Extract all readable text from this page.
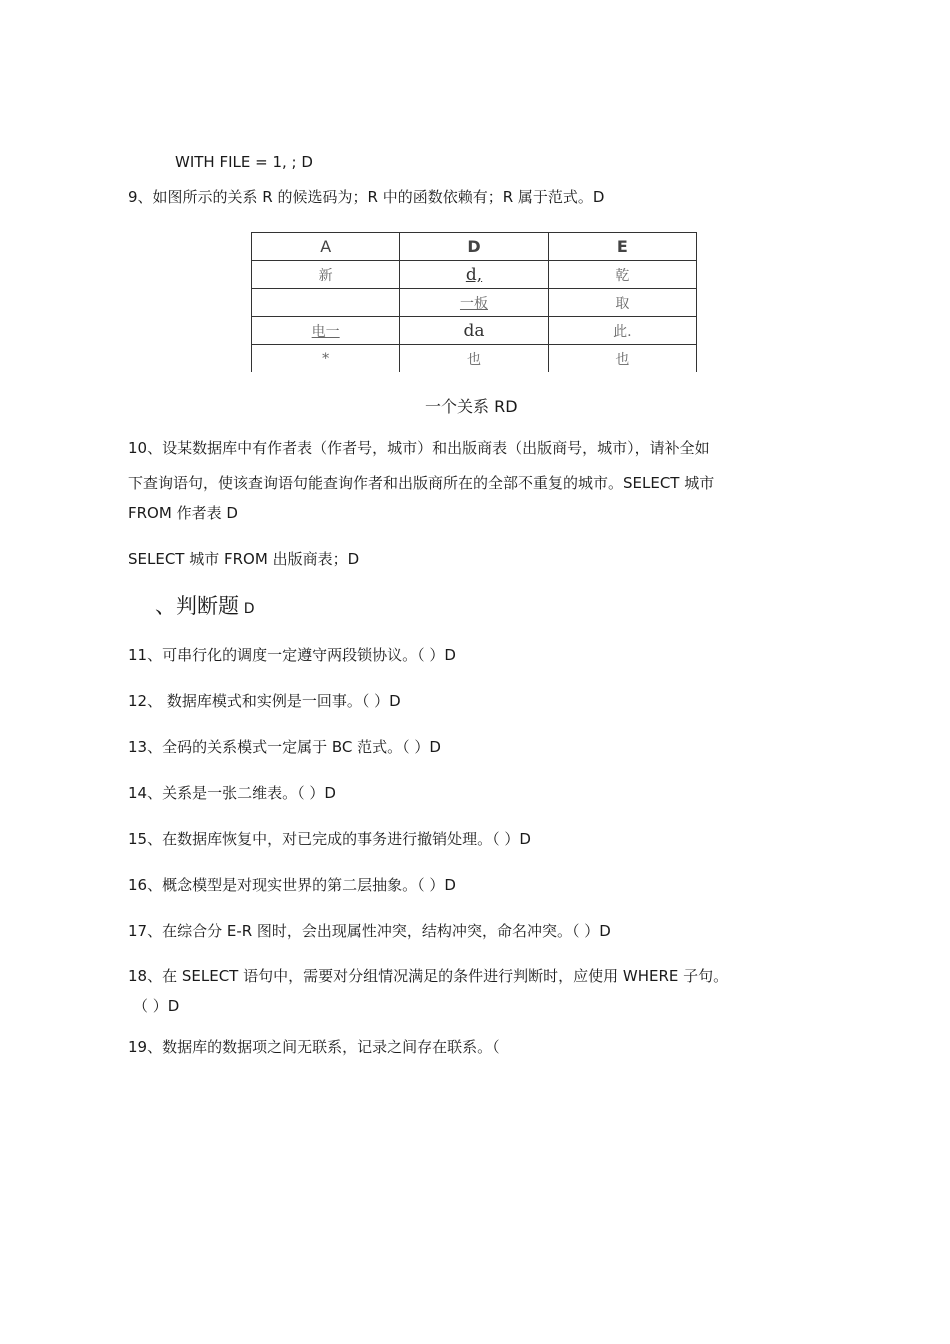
WITH FILE = 1, ; D
9、如图所示的关系 R 的候选码为；R 中的函数依赖有；R 属于范式。D
A	D	E
新	d,	乾
	一板	取
电一	da	此.
*	也	也
一个关系 RD
10、设某数据库中有作者表（作者号，城市）和出版商表（出版商号，城市），请补全如
下查询语句，使该查询语句能查询作者和出版商所在的全部不重复的城市。SELECT 城市
FROM 作者表 D
SELECT 城市 FROM 出版商表；D
、判断题 D
11、可串行化的调度一定遵守两段锁协议。（ ）D
12、 数据库模式和实例是一回事。（ ）D
13、全码的关系模式一定属于 BC 范式。（ ）D
14、关系是一张二维表。（ ）D
15、在数据库恢复中，对已完成的事务进行撤销处理。（ ）D
16、概念模型是对现实世界的第二层抽象。（ ）D
17、在综合分 E-R 图时，会出现属性冲突，结构冲突，命名冲突。（ ）D
18、在 SELECT 语句中，需要对分组情况满足的条件进行判断时，应使用 WHERE 子句。
（ ）D
19、数据库的数据项之间无联系，记录之间存在联系。（
